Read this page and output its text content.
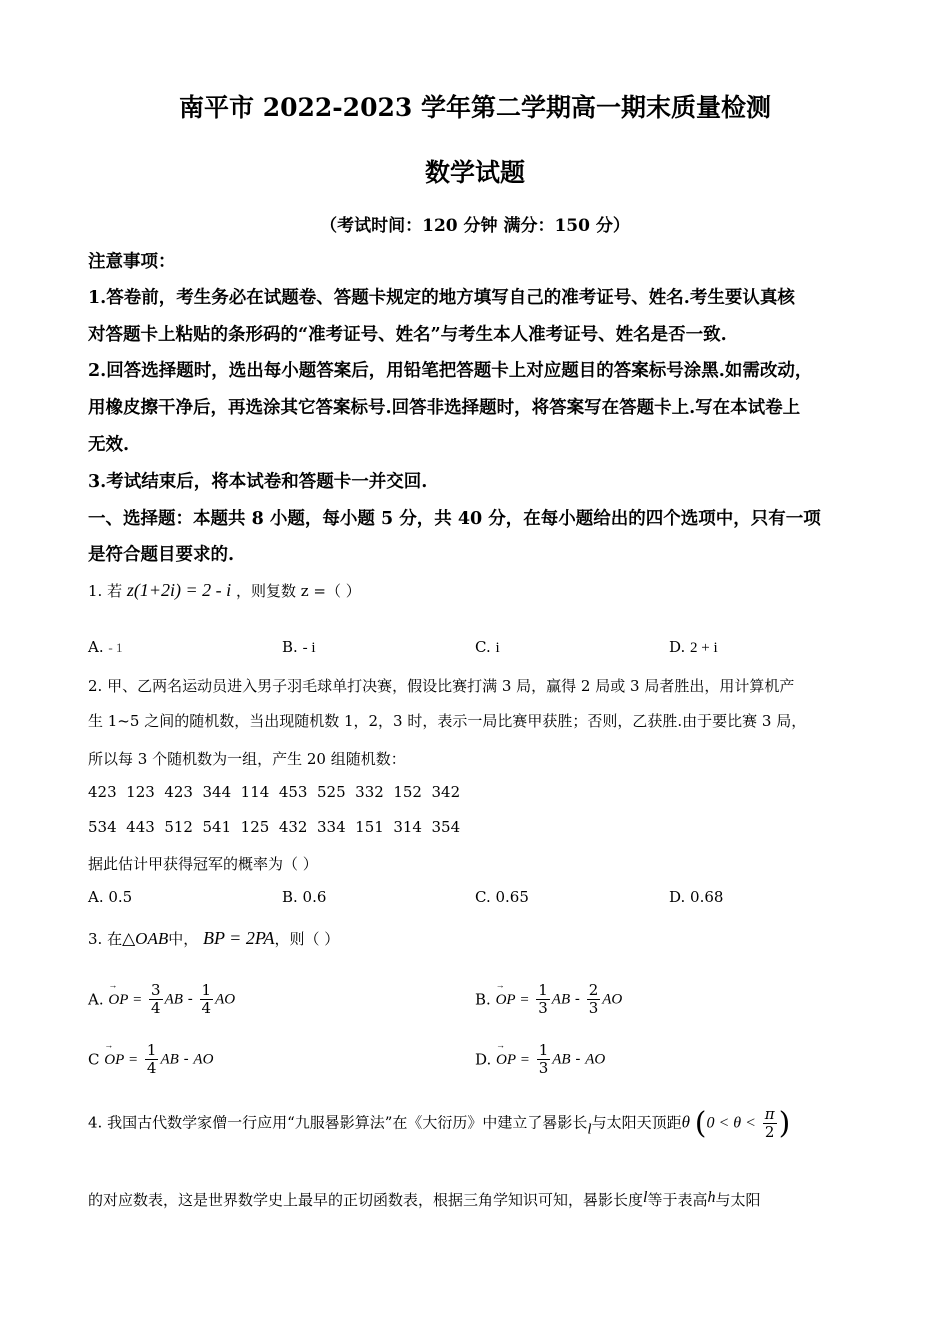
南平市 2022-2023 学年第二学期高一期末质量检测
数学试题
（考试时间：120 分钟 满分：150 分）
注意事项：
1.答卷前，考生务必在试题卷、答题卡规定的地方填写自己的准考证号、姓名.考生要认真核
对答题卡上粘贴的条形码的“准考证号、姓名”与考生本人准考证号、姓名是否一致.
2.回答选择题时，选出每小题答案后，用铅笔把答题卡上对应题目的答案标号涂黑.如需改动，
用橡皮擦干净后，再选涂其它答案标号.回答非选择题时，将答案写在答题卡上.写在本试卷上
无效.
3.考试结束后，将本试卷和答题卡一并交回.
一、选择题：本题共 8 小题，每小题 5 分，共 40 分，在每小题给出的四个选项中，只有一项
是符合题目要求的.
1. 若 z(1+2i) = 2 - i ，则复数 z =（ ）
A. - 1	B. - i	C. i	D. 2 + i
2. 甲、乙两名运动员进入男子羽毛球单打决赛，假设比赛打满 3 局，赢得 2 局或 3 局者胜出，用计算机产
生 1~5 之间的随机数，当出现随机数 1，2，3 时，表示一局比赛甲获胜；否则，乙获胜.由于要比赛 3 局，
所以每 3 个随机数为一组，产生 20 组随机数：
423  123  423  344  114  453  525  332  152  342
534  443  512  541  125  432  334  151  314  354
据此估计甲获得冠军的概率为（ ）
A. 0.5	B. 0.6	C. 0.65	D. 0.68
3. 在△OAB中， BP = 2PA，则（ ）
A. → OP = $\frac{3}{4}$ AB - $\frac{1}{4}$ AO	B. → OP = $\frac{1}{3}$ AB - $\frac{2}{3}$ AO
C → OP = $\frac{1}{4}$ AB - AO	D. → OP = $\frac{1}{3}$ AB - AO
4. 我国古代数学家僧一行应用“九服晷影算法”在《大衍历》中建立了晷影长l与太阳天顶距θ ($0 < \theta < \frac{\pi}{2}$ )
的对应数表，这是世界数学史上最早的正切函数表，根据三角学知识可知，晷影长度l等于表高h与太阳
